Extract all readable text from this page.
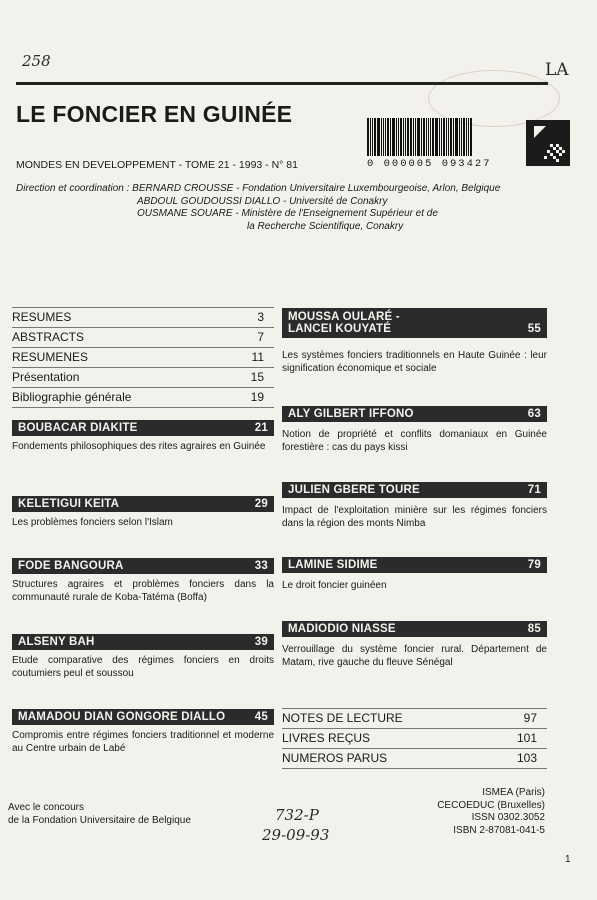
258	LA
LE FONCIER EN GUINÉE
0 000005 093427
MONDES EN DEVELOPPEMENT - TOME 21 - 1993 - N° 81
Direction et coordination : BERNARD CROUSSE - Fondation Universitaire Luxembourgeoise, Arlon, Belgique
ABDOUL GOUDOUSSI DIALLO - Université de Conakry
OUSMANE SOUARE - Ministère de l'Enseignement Supérieur et de
la Recherche Scientifique, Conakry
RESUMES	3
ABSTRACTS	7
RESUMENES	11
Présentation	15
Bibliographie générale	19
BOUBACAR DIAKITÉ	21
Fondements philosophiques des rites agraires en Guinée
KÉLÉTIGUI KEITA	29
Les problèmes fonciers selon l'Islam
FODÉ BANGOURA	33
Structures agraires et problèmes fonciers dans la communauté rurale de Koba-Tatéma (Boffa)
ALSENY BAH	39
Etude comparative des régimes fonciers en droits coutumiers peul et soussou
MAMADOU DIAN GONGORÉ DIALLO	45
Compromis entre régimes fonciers traditionnel et moderne au Centre urbain de Labé
MOUSSA OULARÉ -
LANCEI KOUYATÉ	55
Les systèmes fonciers traditionnels en Haute Guinée : leur signification économique et sociale
ALY GILBERT IFFONO	63
Notion de propriété et conflits domaniaux en Guinée forestière : cas du pays kissi
JULIEN GBÈRÈ TOURÉ	71
Impact de l'exploitation minière sur les régimes fonciers dans la région des monts Nimba
LAMINE SIDIMÉ	79
Le droit foncier guinéen
MADIODIO NIASSE	85
Verrouillage du système foncier rural. Département de Matam, rive gauche du fleuve Sénégal
NOTES DE LECTURE	97
LIVRES REÇUS	101
NUMEROS PARUS	103
Avec le concours
de la Fondation Universitaire de Belgique	732-P
29-09-93
ISMEA (Paris)
CECOEDUC (Bruxelles)
ISSN 0302.3052
ISBN 2-87081-041-5
1
